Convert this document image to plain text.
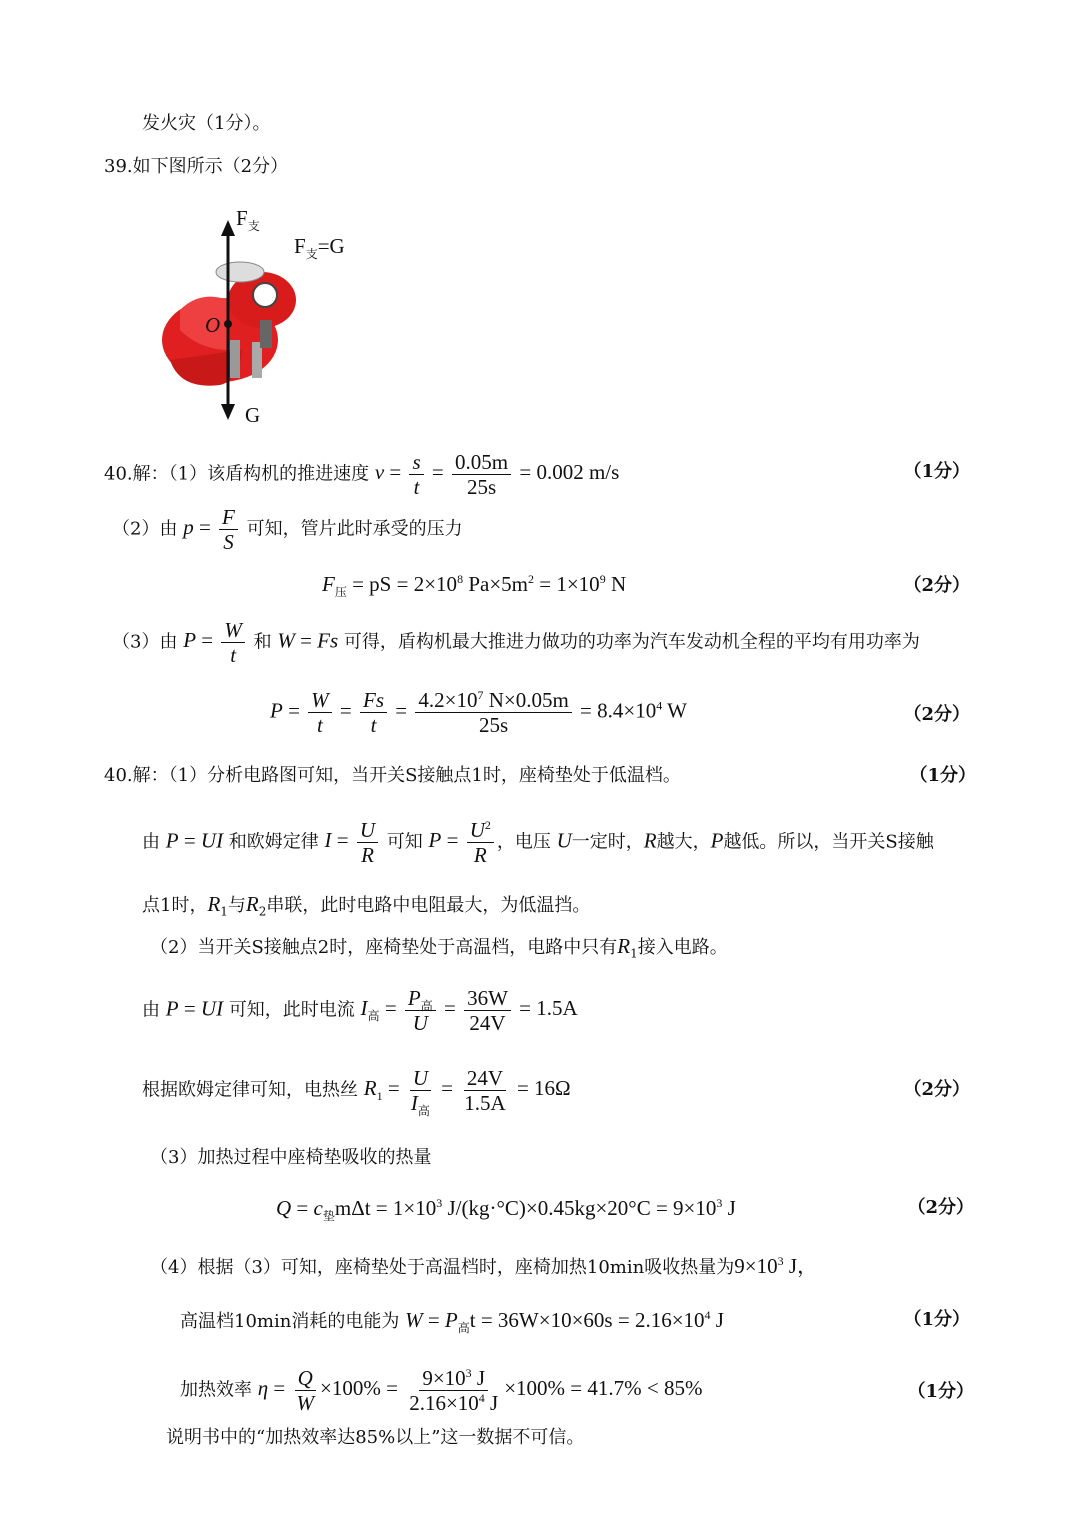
发火灾（1分）。
39.如下图所示（2分）
$F_支$
$F_支=G$
O
G
40.解：（1）该盾构机的推进速度 $v = \frac{s}{t} = \frac{0.05m}{25s} = 0.002$ m/s	（1分）
（2）由 $p = \frac{F}{S}$ 可知，管片此时承受的压力
$F_压$ = pS = $2\times 10^8$ $Pa\times 5m^2 = 1\times 10^9$ N	（2分）
（3）由 $P = \frac{W}{t}$ 和 W = Fs 可得，盾构机最大推进力做功的功率为汽车发动机全程的平均有用功率为
$P = \frac{W}{t} = \frac{Fs}{t} = \frac{4.2\times 10^7 N\times 0.05m}{25s} = 8.4\times 10^4$ W	（2分）
40.解：（1）分析电路图可知，当开关S接触点1时，座椅垫处于低温档。	（1分）
由 P = UI 和欧姆定律 $I = \frac{U}{R}$ 可知 $P = \frac{U^2}{R}$ ，电压 U一定时，R越大，P越低。所以，当开关S接触
点1时，$R_1$与$R_2$串联，此时电路中电阻最大，为低温挡。
（2）当开关S接触点2时，座椅垫处于高温档，电路中只有$R_1$接入电路。
由 P = UI 可知，此时电流 $I_高 = \frac{P_高}{U} = \frac{36W}{24V} = 1.5A$
根据欧姆定律可知，电热丝 $R_1 = \frac{U}{I_高} = \frac{24V}{1.5A} = 16\Omega$	（2分）
（3）加热过程中座椅垫吸收的热量
$Q = c_垫m\Delta t = 1\times 10^3$ $J/(kg\cdot^\circ C)\times 0.45kg\times 20^\circ C = 9\times 10^3$ J	（2分）
（4）根据（3）可知，座椅垫处于高温档时，座椅加热10min吸收热量为$9\times 10^3$ J，
高温档10min消耗的电能为 $W = P_高t = 36W\times 10\times 60s = 2.16\times 10^4$ J	（1分）
加热效率 $\eta = \frac{Q}{W} \times 100\% = \frac{9\times 10^3 J}{2.16\times 10^4 J} \times 100\% = 41.7\% < 85\%$	（1分）
说明书中的“加热效率达85%以上”这一数据不可信。
